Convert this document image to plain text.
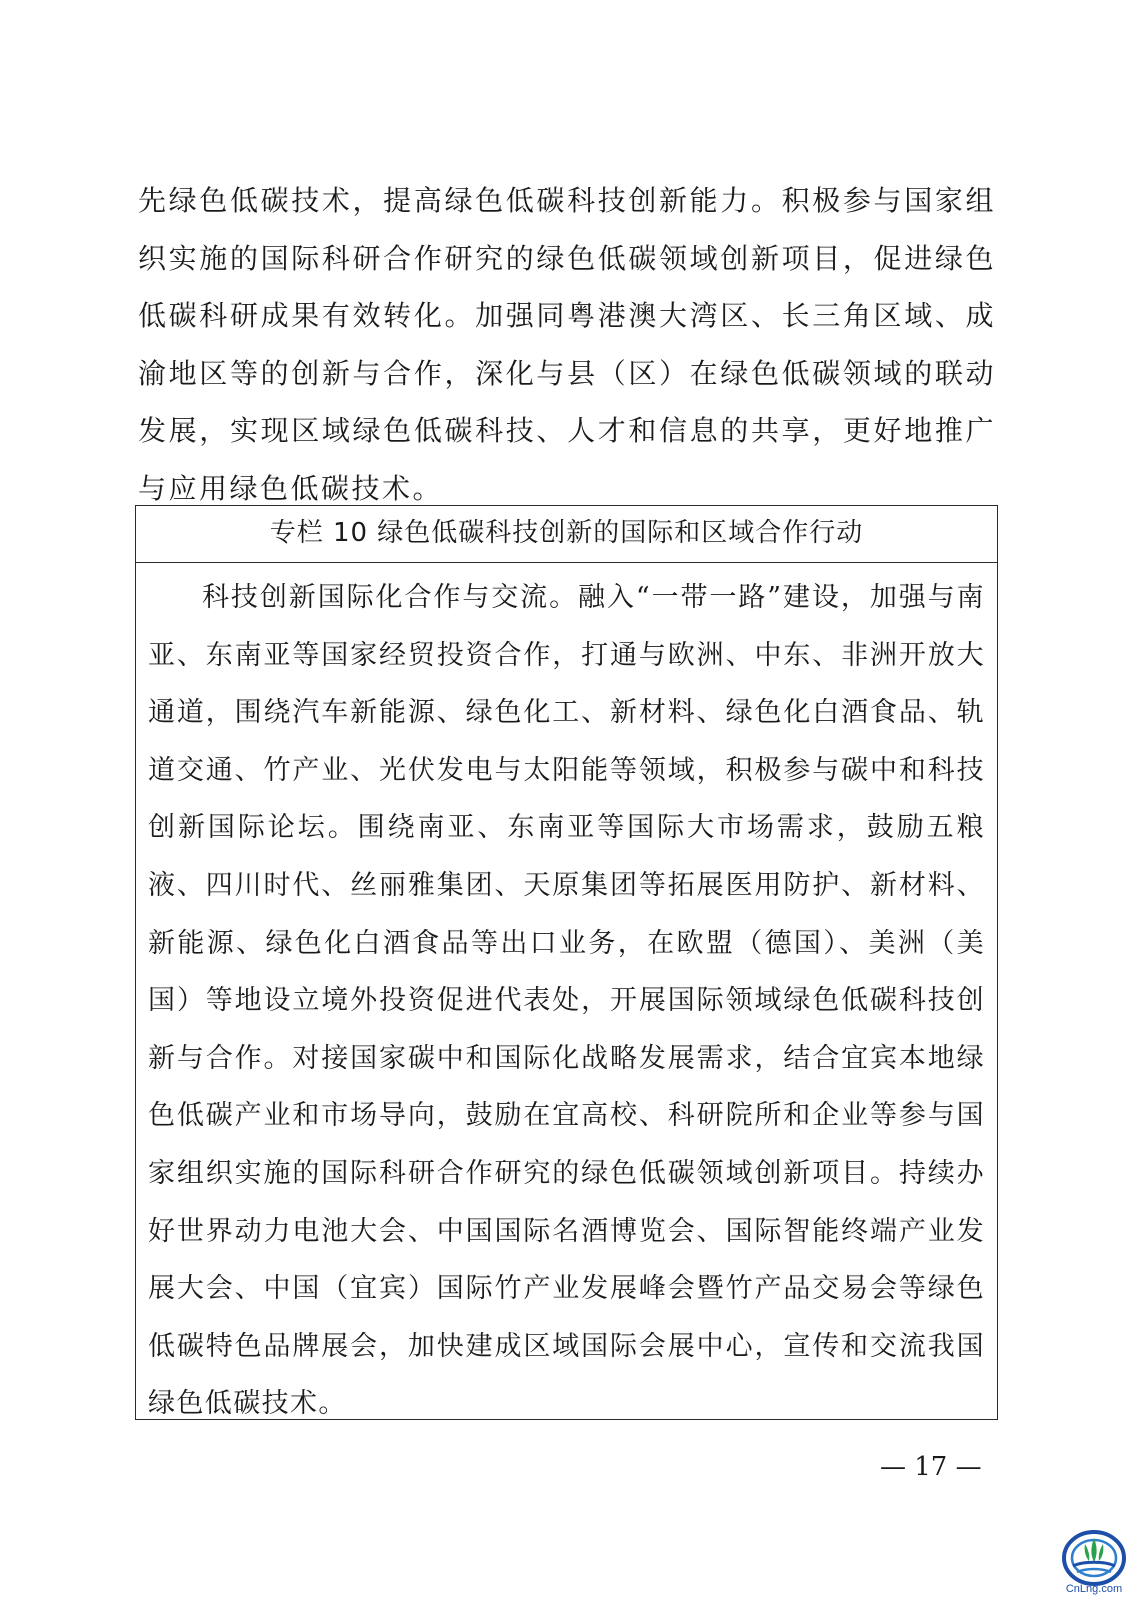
先绿色低碳技术，提高绿色低碳科技创新能力。积极参与国家组织实施的国际科研合作研究的绿色低碳领域创新项目，促进绿色低碳科研成果有效转化。加强同粤港澳大湾区、长三角区域、成渝地区等的创新与合作，深化与县（区）在绿色低碳领域的联动发展，实现区域绿色低碳科技、人才和信息的共享，更好地推广与应用绿色低碳技术。

专栏 10 绿色低碳科技创新的国际和区域合作行动

科技创新国际化合作与交流。融入“一带一路”建设，加强与南亚、东南亚等国家经贸投资合作，打通与欧洲、中东、非洲开放大通道，围绕汽车新能源、绿色化工、新材料、绿色化白酒食品、轨道交通、竹产业、光伏发电与太阳能等领域，积极参与碳中和科技创新国际论坛。围绕南亚、东南亚等国际大市场需求，鼓励五粮液、四川时代、丝丽雅集团、天原集团等拓展医用防护、新材料、新能源、绿色化白酒食品等出口业务，在欧盟（德国）、美洲（美国）等地设立境外投资促进代表处，开展国际领域绿色低碳科技创新与合作。对接国家碳中和国际化战略发展需求，结合宜宾本地绿色低碳产业和市场导向，鼓励在宜高校、科研院所和企业等参与国家组织实施的国际科研合作研究的绿色低碳领域创新项目。持续办好世界动力电池大会、中国国际名酒博览会、国际智能终端产业发展大会、中国（宜宾）国际竹产业发展峰会暨竹产品交易会等绿色低碳特色品牌展会，加快建成区域国际会展中心，宣传和交流我国绿色低碳技术。

— 17 —
CnLng.com
